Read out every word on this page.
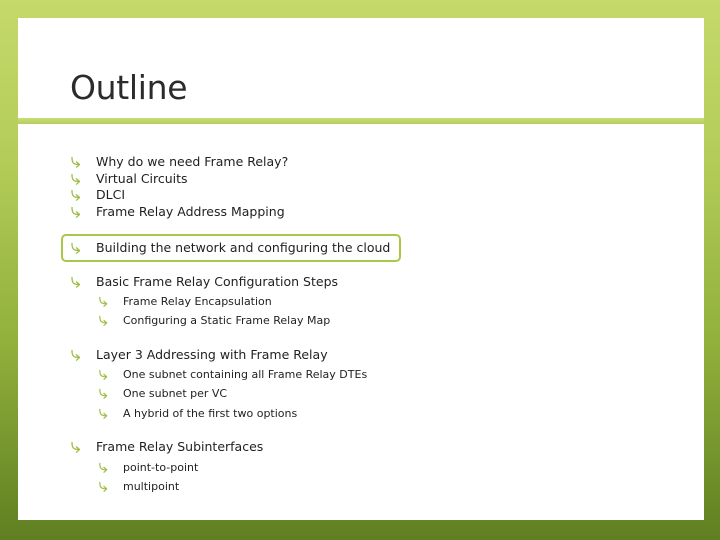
Outline
Why do we need Frame Relay?
Virtual Circuits
DLCI
Frame Relay Address Mapping
Building the network and configuring the cloud
Basic Frame Relay Configuration Steps
Frame Relay Encapsulation
Configuring a Static Frame Relay Map
Layer 3 Addressing with Frame Relay
One subnet containing all Frame Relay DTEs
One subnet per VC
A hybrid of the first two options
Frame Relay Subinterfaces
point-to-point
multipoint
